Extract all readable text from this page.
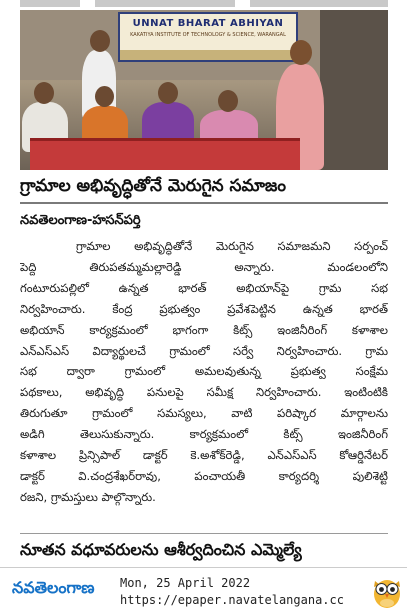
UNNAT BHARAT ABHIYAN
KAKATIYA INSTITUTE OF TECHNOLOGY & SCIENCE, WARANGAL
గ్రామాల అభివృద్ధితోనే మెరుగైన సమాజం
నవతెలంగాణ-హసన్‌పర్తి
గ్రామాల అభివృద్ధితోనే మెరుగైన సమాజమని సర్పంచ్
పెద్ది తిరుపతమ్మమల్లారెడ్డి అన్నారు. మండలంలోని
గంటూరుపల్లిలో ఉన్నత భారత్ అభియాన్‌పై గ్రామ సభ
నిర్వహించారు. కేంద్ర ప్రభుత్వం ప్రవేశపెట్టిన ఉన్నత భారత్
అభియాన్ కార్యక్రమంలో భాగంగా కిట్స్ ఇంజినీరింగ్ కళాశాల
ఎన్‌ఎస్‌ఎస్ విద్యార్థులచే గ్రామంలో సర్వే నిర్వహించారు. గ్రామ
సభ ద్వారా గ్రామంలో అమలవుతున్న ప్రభుత్వ సంక్షేమ
పథకాలు, అభివృద్ధి పనులపై సమీక్ష నిర్వహించారు. ఇంటింటికి
తిరుగుతూ గ్రామంలో సమస్యలు, వాటి పరిష్కార మార్గాలను
అడిగి తెలుసుకున్నారు. కార్యక్రమంలో కిట్స్ ఇంజినీరింగ్
కళాశాల ప్రిన్సిపాల్ డాక్టర్ కె.అశోక్‌రెడ్డి, ఎన్‌ఎస్‌ఎస్ కోఆర్డినేటర్
డాక్టర్ వి.చంద్రశేఖర్‌రావు, పంచాయతీ కార్యదర్శి పులిశెట్టి
రజని, గ్రామస్తులు పాల్గొన్నారు.
నూతన వధూవరులను ఆశీర్వదించిన ఎమ్మెల్యే
నవతెలంగాణ Mon, 25 April 2022
https://epaper.navatelangana.cc
